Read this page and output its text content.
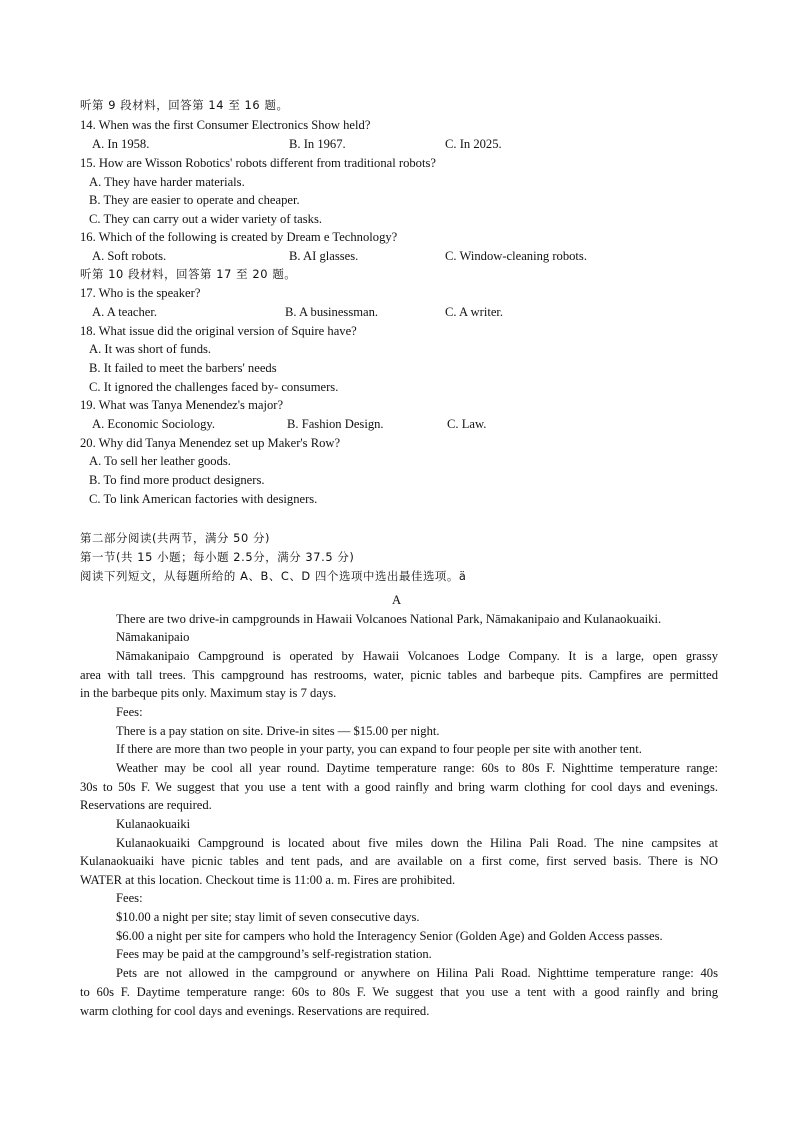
听第 9 段材料，回答第 14 至 16 题。
14. When was the first Consumer Electronics Show held?
A. In 1958.	B. In 1967.	C. In 2025.
15. How are Wisson Robotics' robots different from traditional robots?
A. They have harder materials.
B. They are easier to operate and cheaper.
C. They can carry out a wider variety of tasks.
16. Which of the following is created by Dream e Technology?
A. Soft robots.	B. AI glasses.	C. Window-cleaning robots.
听第 10 段材料，回答第 17 至 20 题。
17. Who is the speaker?
A. A teacher.	B. A businessman.	C. A writer.
18. What issue did the original version of Squire have?
A. It was short of funds.
B. It failed to meet the barbers' needs
C. It ignored the challenges faced by- consumers.
19. What was Tanya Menendez's major?
A. Economic Sociology.	B. Fashion Design.	C. Law.
20. Why did Tanya Menendez set up Maker's Row?
A. To sell her leather goods.
B. To find more product designers.
C. To link American factories with designers.
第二部分阅读(共两节，满分 50 分)
第一节(共 15 小题；每小题 2.5分，满分 37.5 分)
阅读下列短文，从每题所给的 A、B、C、D 四个选项中选出最佳选项。ä
A
There are two drive-in campgrounds in Hawaii Volcanoes National Park, Nāmakanipaio and Kulanaokuaiki.
Nāmakanipaio
Nāmakanipaio Campground is operated by Hawaii Volcanoes Lodge Company. It is a large, open grassy
area with tall trees. This campground has restrooms, water, picnic tables and barbeque pits. Campfires are permitted
in the barbeque pits only. Maximum stay is 7 days.
Fees:
There is a pay station on site. Drive-in sites — $15.00 per night.
If there are more than two people in your party, you can expand to four people per site with another tent.
Weather may be cool all year round. Daytime temperature range: 60s to 80s F. Nighttime temperature range:
30s to 50s F. We suggest that you use a tent with a good rainfly and bring warm clothing for cool days and evenings.
Reservations are required.
Kulanaokuaiki
Kulanaokuaiki Campground is located about five miles down the Hilina Pali Road. The nine campsites at
Kulanaokuaiki have picnic tables and tent pads, and are available on a first come, first served basis. There is NO
WATER at this location. Checkout time is 11:00 a. m. Fires are prohibited.
Fees:
$10.00 a night per site; stay limit of seven consecutive days.
$6.00 a night per site for campers who hold the Interagency Senior (Golden Age) and Golden Access passes.
Fees may be paid at the campground’s self-registration station.
Pets are not allowed in the campground or anywhere on Hilina Pali Road. Nighttime temperature range: 40s
to 60s F. Daytime temperature range: 60s to 80s F. We suggest that you use a tent with a good rainfly and bring
warm clothing for cool days and evenings. Reservations are required.
